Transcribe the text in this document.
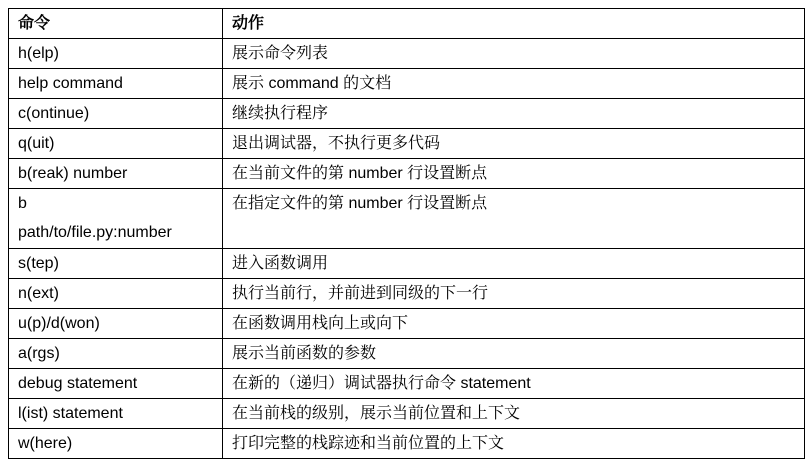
命令	动作
h(elp)	展示命令列表
help command	展示 command 的文档
c(ontinue)	继续执行程序
q(uit)	退出调试器，不执行更多代码
b(reak) number	在当前文件的第 number 行设置断点
b
path/to/file.py:number	在指定文件的第 number 行设置断点
s(tep)	进入函数调用
n(ext)	执行当前行，并前进到同级的下一行
u(p)/d(won)	在函数调用栈向上或向下
a(rgs)	展示当前函数的参数
debug statement	在新的（递归）调试器执行命令 statement
l(ist) statement	在当前栈的级别，展示当前位置和上下文
w(here)	打印完整的栈踪迹和当前位置的上下文
